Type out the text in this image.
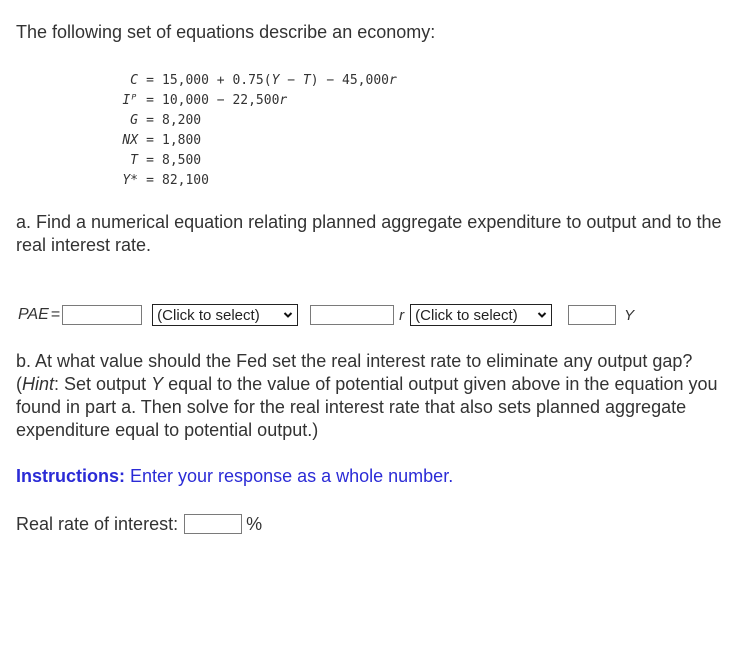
The following set of equations describe an economy:
C = 15,000 + 0.75(Y − T) − 45,000r
Iᴾ = 10,000 − 22,500r
G = 8,200
NX = 1,800
T = 8,500
Y* = 82,100
a. Find a numerical equation relating planned aggregate expenditure to output and to the real interest rate.
PAE =	(Click to select)	r (Click to select)	Y
b. At what value should the Fed set the real interest rate to eliminate any output gap? (Hint: Set output Y equal to the value of potential output given above in the equation you found in part a. Then solve for the real interest rate that also sets planned aggregate expenditure equal to potential output.)
Instructions: Enter your response as a whole number.
Real rate of interest:	%
